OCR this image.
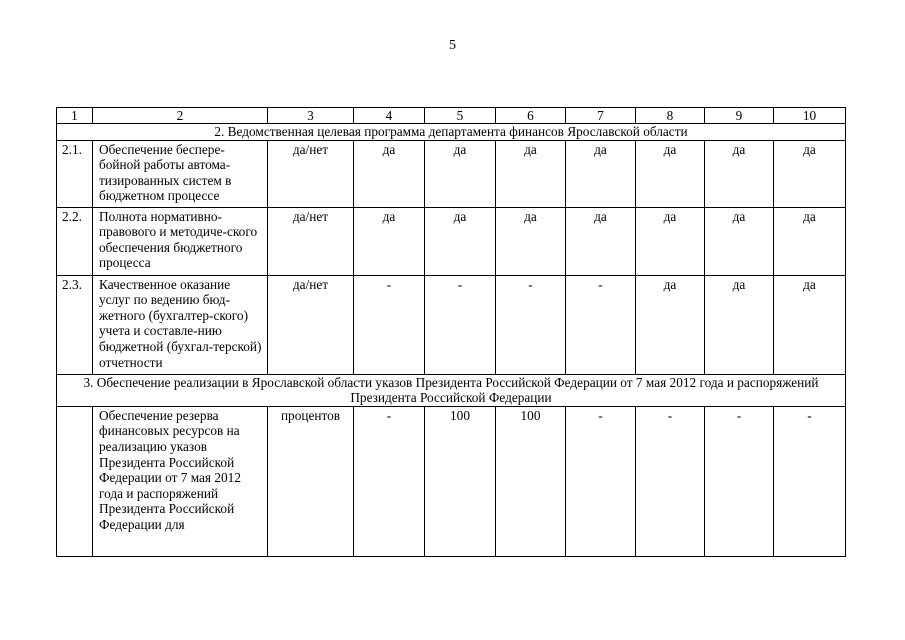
5
1	2	3	4	5	6	7	8	9	10
2. Ведомственная целевая программа департамента финансов Ярославской области									
2.1.	Обеспечение беспере-бойной работы автома-тизированных систем в бюджетном процессе	да/нет	да	да	да	да	да	да	да
2.2.	Полнота нормативно-правового и методиче-ского обеспечения бюджетного процесса	да/нет	да	да	да	да	да	да	да
2.3.	Качественное оказание услуг по ведению бюд-жетного (бухгалтер-ского) учета и составле-нию бюджетной (бухгал-терской) отчетности	да/нет	-	-	-	-	да	да	да
3. Обеспечение реализации в Ярославской области указов Президента Российской Федерации от 7 мая 2012 года и распоряжений Президента Российской Федерации									

	Обеспечение резерва финансовых ресурсов на реализацию указов Президента Российской Федерации от 7 мая 2012 года и распоряжений Президента Российской Федерации для	процентов	-	100	100	-	-	-	-
